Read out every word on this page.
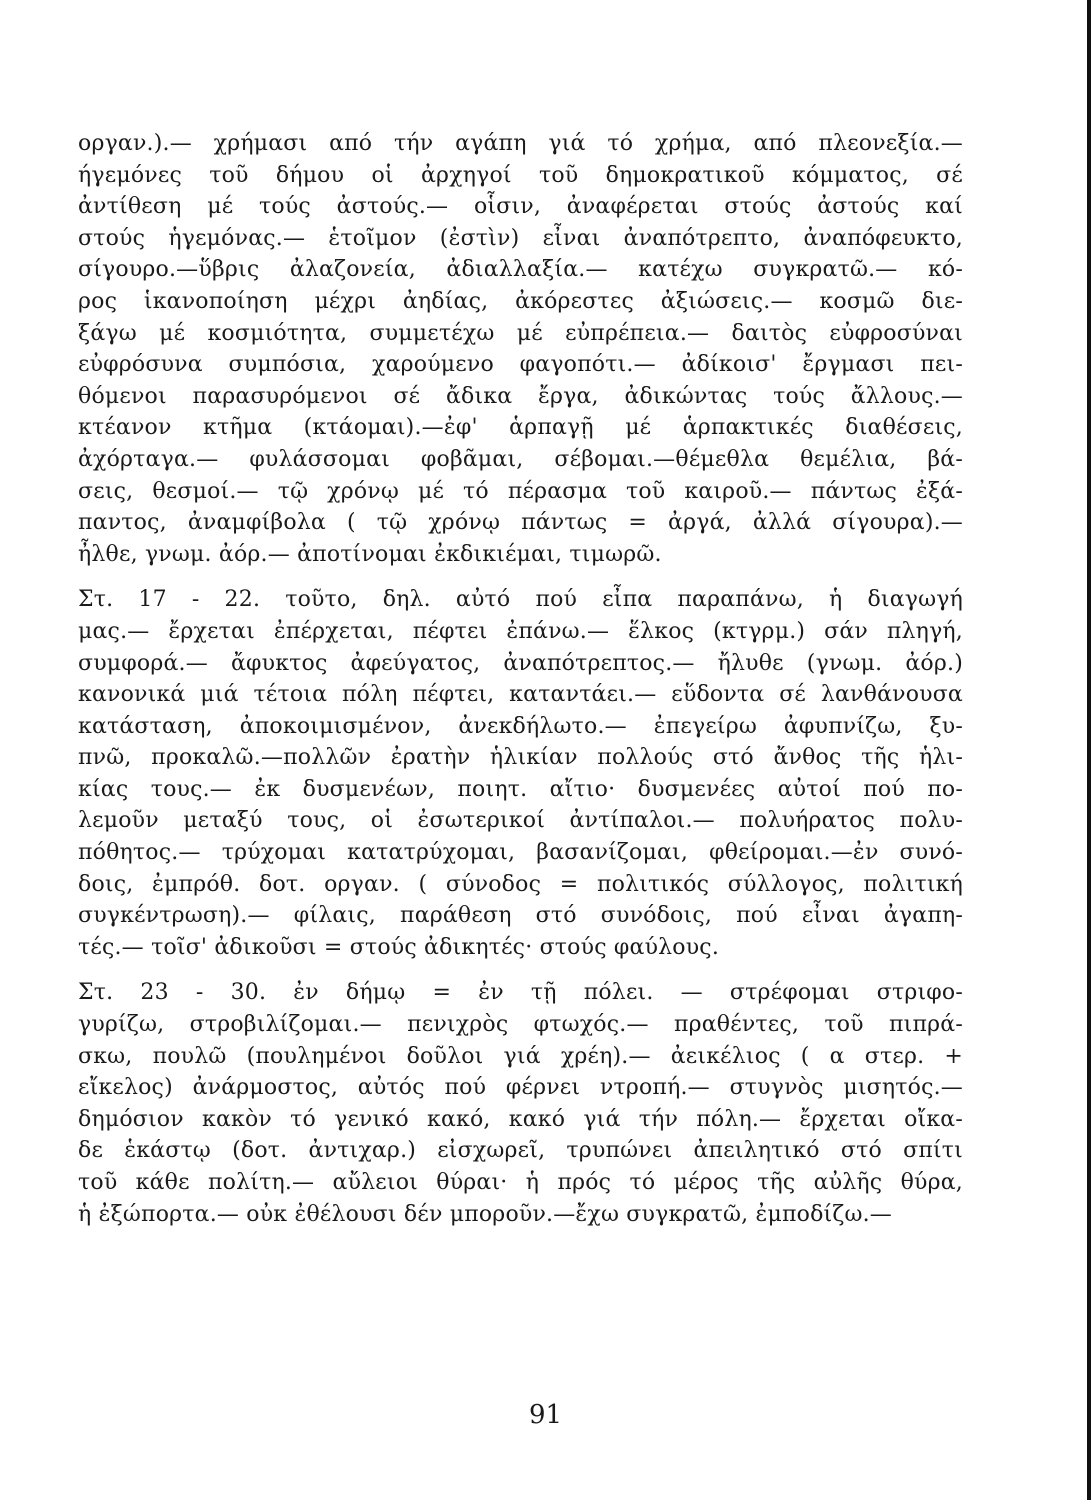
οργαν.).— χρήμασι από τήν αγάπη γιά τό χρήμα, από πλεονεξία.—
ήγεμόνες τοῦ δήμου οἱ ἀρχηγοί τοῦ δημοκρατικοῦ κόμματος, σέ
ἀντίθεση μέ τούς ἀστούς.— οἷσιν, ἀναφέρεται στούς ἀστούς καί
στούς ἡγεμόνας.— ἑτοῖμον (ἐστὶν) εἶναι ἀναπότρεπτο, ἀναπόφευκτο,
σίγουρο.—ὕβρις ἀλαζονεία, ἀδιαλλαξία.— κατέχω συγκρατῶ.— κό-
ρος ἱκανοποίηση μέχρι ἀηδίας, ἀκόρεστες ἀξιώσεις.— κοσμῶ διε-
ξάγω μέ κοσμιότητα, συμμετέχω μέ εὐπρέπεια.— δαιτὸς εὐφροσύναι
εὐφρόσυνα συμπόσια, χαρούμενο φαγοπότι.— ἀδίκοισ' ἔργμασι πει-
θόμενοι παρασυρόμενοι σέ ἄδικα ἔργα, ἀδικώντας τούς ἄλλους.—
κτέανον κτῆμα (κτάομαι).—ἐφ' ἁρπαγῇ μέ ἁρπακτικές διαθέσεις,
ἀχόρταγα.— φυλάσσομαι φοβᾶμαι, σέβομαι.—θέμεθλα θεμέλια, βά-
σεις, θεσμοί.— τῷ χρόνῳ μέ τό πέρασμα τοῦ καιροῦ.— πάντως ἐξά-
παντος, ἀναμφίβολα ( τῷ χρόνῳ πάντως = ἀργά, ἀλλά σίγουρα).—
ἦλθε, γνωμ. ἀόρ.— ἀποτίνομαι ἐκδικιέμαι, τιμωρῶ.
Στ. 17 - 22. τοῦτο, δηλ. αὐτό πού εἶπα παραπάνω, ἡ διαγωγή
μας.— ἔρχεται ἐπέρχεται, πέφτει ἐπάνω.— ἕλκος (κτγρμ.) σάν πληγή,
συμφορά.— ἄφυκτος ἀφεύγατος, ἀναπότρεπτος.— ἤλυθε (γνωμ. ἀόρ.)
κανονικά μιά τέτοια πόλη πέφτει, καταντάει.— εὕδοντα σέ λανθάνουσα
κατάσταση, ἀποκοιμισμένον, ἀνεκδήλωτο.— ἐπεγείρω ἀφυπνίζω, ξυ-
πνῶ, προκαλῶ.—πολλῶν ἐρατὴν ἡλικίαν πολλούς στό ἄνθος τῆς ἡλι-
κίας τους.— ἐκ δυσμενέων, ποιητ. αἴτιο· δυσμενέες αὐτοί πού πο-
λεμοῦν μεταξύ τους, οἱ ἐσωτερικοί ἀντίπαλοι.— πολυήρατος πολυ-
πόθητος.— τρύχομαι κατατρύχομαι, βασανίζομαι, φθείρομαι.—ἐν συνό-
δοις, ἐμπρόθ. δοτ. οργαν. ( σύνοδος = πολιτικός σύλλογος, πολιτική
συγκέντρωση).— φίλαις, παράθεση στό συνόδοις, πού εἶναι ἀγαπη-
τές.— τοῖσ' ἀδικοῦσι = στούς ἀδικητές· στούς φαύλους.
Στ. 23 - 30. ἐν δήμῳ = ἐν τῇ πόλει. — στρέφομαι στριφο-
γυρίζω, στροβιλίζομαι.— πενιχρὸς φτωχός.— πραθέντες, τοῦ πιπρά-
σκω, πουλῶ (πουλημένοι δοῦλοι γιά χρέη).— ἀεικέλιος ( α στερ. +
εἴκελος) ἀνάρμοστος, αὐτός πού φέρνει ντροπή.— στυγνὸς μισητός.—
δημόσιον κακὸν τό γενικό κακό, κακό γιά τήν πόλη.— ἔρχεται οἴκα-
δε ἑκάστῳ (δοτ. ἀντιχαρ.) εἰσχωρεῖ, τρυπώνει ἀπειλητικό στό σπίτι
τοῦ κάθε πολίτη.— αὔλειοι θύραι· ἡ πρός τό μέρος τῆς αὐλῆς θύρα,
ἡ ἐξώπορτα.— οὐκ ἐθέλουσι δέν μποροῦν.—ἔχω συγκρατῶ, ἐμποδίζω.—
91
